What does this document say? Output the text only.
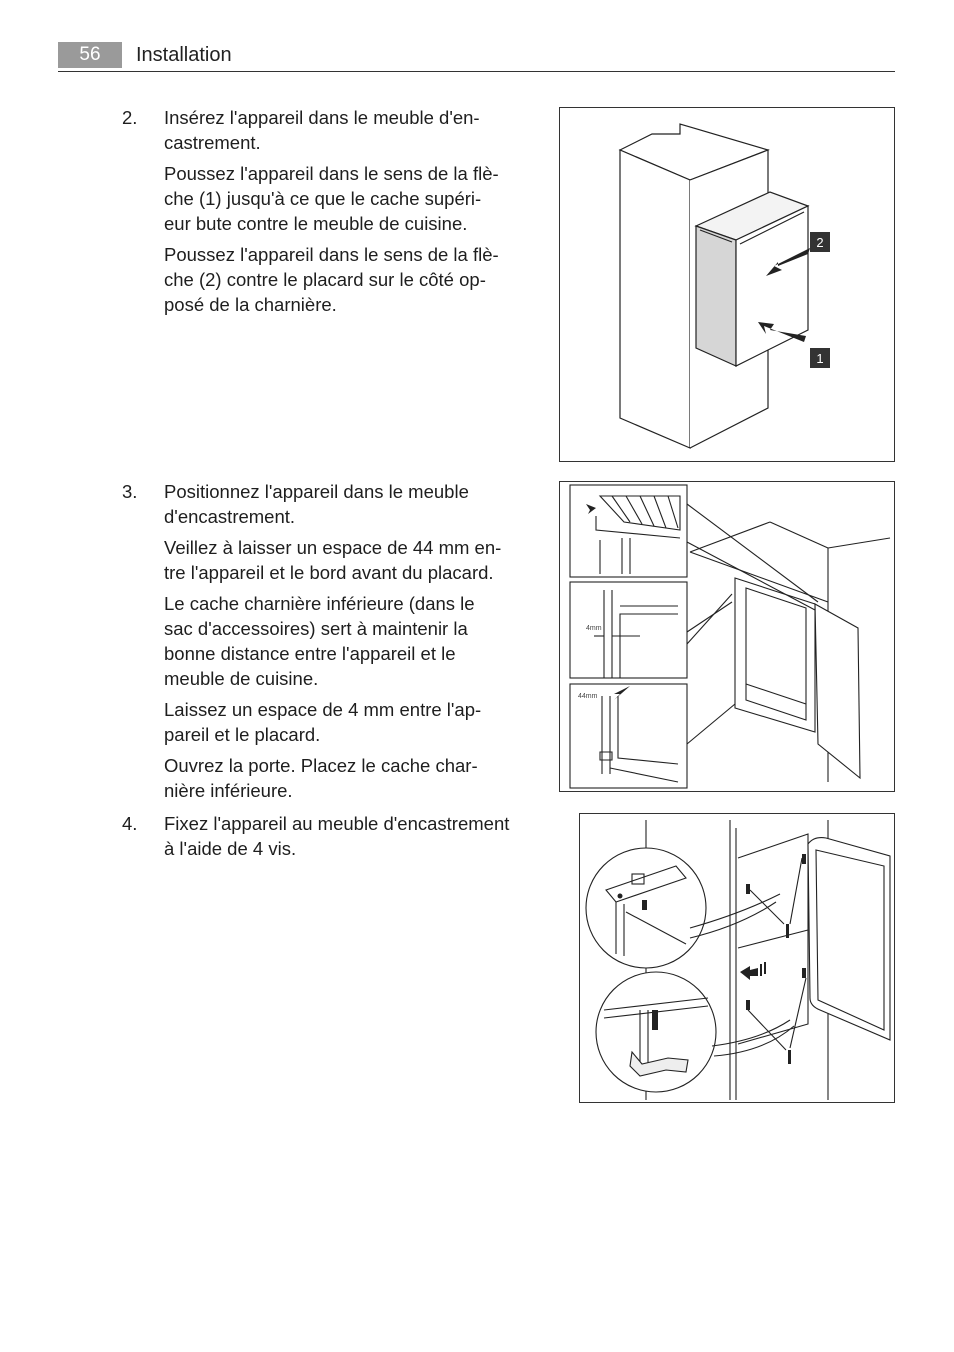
56	Installation
2. Insérez l'appareil dans le meuble d'en-
castrement.

Poussez l'appareil dans le sens de la flè-
che (1) jusqu'à ce que le cache supéri-
eur bute contre le meuble de cuisine.

Poussez l'appareil dans le sens de la flè-
che (2) contre le placard sur le côté op-
posé de la charnière.

3. Positionnez l'appareil dans le meuble
d'encastrement.

Veillez à laisser un espace de 44 mm en-
tre l'appareil et le bord avant du placard.

Le cache charnière inférieure (dans le
sac d'accessoires) sert à maintenir la
bonne distance entre l'appareil et le
meuble de cuisine.

Laissez un espace de 4 mm entre l'ap-
pareil et le placard.

Ouvrez la porte. Placez le cache char-
nière inférieure.

4. Fixez l'appareil au meuble d'encastrement
à l'aide de 4 vis.

2
1
4mm
44mm
